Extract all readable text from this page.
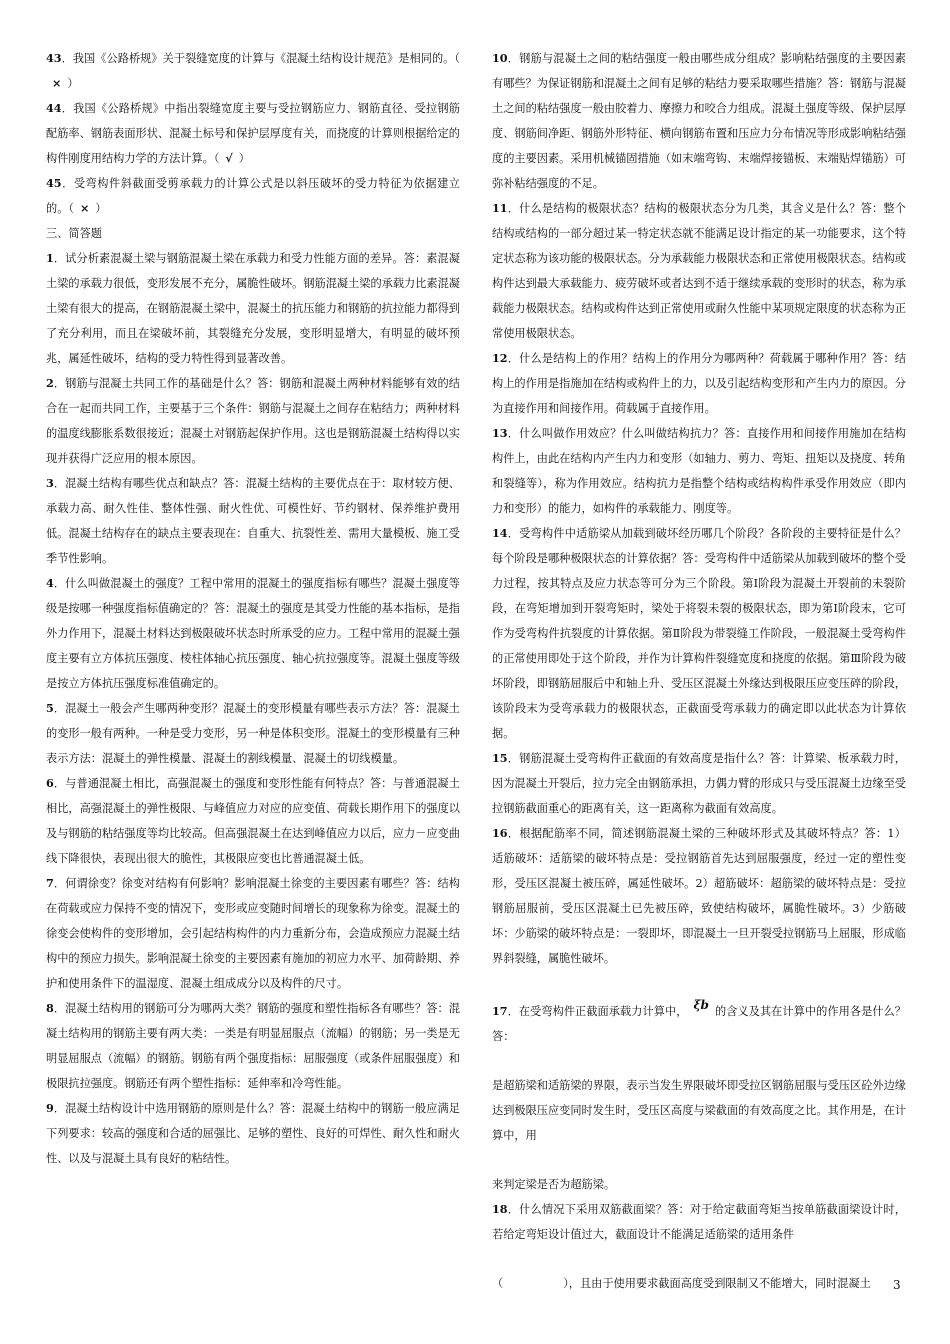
43．我国《公路桥规》关于裂缝宽度的计算与《混凝土结构设计规范》是相同的。（× ）

44．我国《公路桥规》中指出裂缝宽度主要与受拉钢筋应力、钢筋直径、受拉钢筋配筋率、钢筋表面形状、混凝土标号和保护层厚度有关，而挠度的计算则根据给定的构件刚度用结构力学的方法计算。（ √ ）

45．受弯构件斜截面受剪承载力的计算公式是以斜压破坏的受力特征为依据建立的。（ × ）

三、简答题

1．试分析素混凝土梁与钢筋混凝土梁在承载力和受力性能方面的差异。答：素混凝土梁的承载力很低，变形发展不充分，属脆性破坏。钢筋混凝土梁的承载力比素混凝土梁有很大的提高，在钢筋混凝土梁中，混凝土的抗压能力和钢筋的抗拉能力都得到了充分利用，而且在梁破坏前，其裂缝充分发展，变形明显增大，有明显的破坏预兆，属延性破坏，结构的受力特性得到显著改善。

2．钢筋与混凝土共同工作的基础是什么？答：钢筋和混凝土两种材料能够有效的结合在一起而共同工作，主要基于三个条件：钢筋与混凝土之间存在粘结力；两种材料的温度线膨胀系数很接近；混凝土对钢筋起保护作用。这也是钢筋混凝土结构得以实现并获得广泛应用的根本原因。

3．混凝土结构有哪些优点和缺点？答：混凝土结构的主要优点在于：取材较方便、承载力高、耐久性佳、整体性强、耐火性优、可模性好、节约钢材、保养维护费用低。混凝土结构存在的缺点主要表现在：自重大、抗裂性差、需用大量模板、施工受季节性影响。

4．什么叫做混凝土的强度？工程中常用的混凝土的强度指标有哪些？混凝土强度等级是按哪一种强度指标值确定的？答：混凝土的强度是其受力性能的基本指标，是指外力作用下，混凝土材料达到极限破坏状态时所承受的应力。工程中常用的混凝土强度主要有立方体抗压强度、棱柱体轴心抗压强度、轴心抗拉强度等。混凝土强度等级是按立方体抗压强度标准值确定的。

5．混凝土一般会产生哪两种变形？混凝土的变形模量有哪些表示方法？答：混凝土的变形一般有两种。一种是受力变形，另一种是体积变形。混凝土的变形模量有三种表示方法：混凝土的弹性模量、混凝土的割线模量、混凝土的切线模量。

6．与普通混凝土相比，高强混凝土的强度和变形性能有何特点？答：与普通混凝土相比，高强混凝土的弹性极限、与峰值应力对应的应变值、荷载长期作用下的强度以及与钢筋的粘结强度等均比较高。但高强混凝土在达到峰值应力以后，应力－应变曲线下降很快，表现出很大的脆性，其极限应变也比普通混凝土低。

7．何谓徐变？徐变对结构有何影响？影响混凝土徐变的主要因素有哪些？答：结构在荷载或应力保持不变的情况下，变形或应变随时间增长的现象称为徐变。混凝土的徐变会使构件的变形增加，会引起结构构件的内力重新分布，会造成预应力混凝土结构中的预应力损失。影响混凝土徐变的主要因素有施加的初应力水平、加荷龄期、养护和使用条件下的温湿度、混凝土组成成分以及构件的尺寸。

8．混凝土结构用的钢筋可分为哪两大类？钢筋的强度和塑性指标各有哪些？答：混凝土结构用的钢筋主要有两大类：一类是有明显屈服点（流幅）的钢筋；另一类是无明显屈服点（流幅）的钢筋。钢筋有两个强度指标：屈服强度（或条件屈服强度）和极限抗拉强度。钢筋还有两个塑性指标：延伸率和冷弯性能。

9．混凝土结构设计中选用钢筋的原则是什么？答：混凝土结构中的钢筋一般应满足下列要求：较高的强度和合适的屈强比、足够的塑性、良好的可焊性、耐久性和耐火性、以及与混凝土具有良好的粘结性。

10．钢筋与混凝土之间的粘结强度一般由哪些成分组成？影响粘结强度的主要因素有哪些？为保证钢筋和混凝土之间有足够的粘结力要采取哪些措施？答：钢筋与混凝土之间的粘结强度一般由胶着力、摩擦力和咬合力组成。混凝土强度等级、保护层厚度、钢筋间净距、钢筋外形特征、横向钢筋布置和压应力分布情况等形成影响粘结强度的主要因素。采用机械锚固措施（如末端弯钩、末端焊接锚板、末端贴焊锚筋）可弥补粘结强度的不足。

11．什么是结构的极限状态？结构的极限状态分为几类，其含义是什么？答：整个结构或结构的一部分超过某一特定状态就不能满足设计指定的某一功能要求，这个特定状态称为该功能的极限状态。分为承载能力极限状态和正常使用极限状态。结构或构件达到最大承载能力、疲劳破坏或者达到不适于继续承载的变形时的状态，称为承载能力极限状态。结构或构件达到正常使用或耐久性能中某项规定限度的状态称为正常使用极限状态。

12．什么是结构上的作用？结构上的作用分为哪两种？荷载属于哪种作用？答：结构上的作用是指施加在结构或构件上的力，以及引起结构变形和产生内力的原因。分为直接作用和间接作用。荷载属于直接作用。

13．什么叫做作用效应？什么叫做结构抗力？答：直接作用和间接作用施加在结构构件上，由此在结构内产生内力和变形（如轴力、剪力、弯矩、扭矩以及挠度、转角和裂缝等），称为作用效应。结构抗力是指整个结构或结构构件承受作用效应（即内力和变形）的能力，如构件的承载能力、刚度等。

14．受弯构件中适筋梁从加载到破坏经历哪几个阶段？各阶段的主要特征是什么？每个阶段是哪种极限状态的计算依据？答：受弯构件中适筋梁从加载到破坏的整个受力过程，按其特点及应力状态等可分为三个阶段。第Ⅰ阶段为混凝土开裂前的未裂阶段，在弯矩增加到开裂弯矩时，梁处于将裂未裂的极限状态，即为第Ⅰ阶段末，它可作为受弯构件抗裂度的计算依据。第Ⅱ阶段为带裂缝工作阶段，一般混凝土受弯构件的正常使用即处于这个阶段，并作为计算构件裂缝宽度和挠度的依据。第Ⅲ阶段为破坏阶段，即钢筋屈服后中和轴上升、受压区混凝土外缘达到极限压应变压碎的阶段，该阶段末为受弯承载力的极限状态，正截面受弯承载力的确定即以此状态为计算依据。

15．钢筋混凝土受弯构件正截面的有效高度是指什么？答：计算梁、板承载力时，因为混凝土开裂后，拉力完全由钢筋承担，力偶力臂的形成只与受压混凝土边缘至受拉钢筋截面重心的距离有关，这一距离称为截面有效高度。

16．根据配筋率不同，简述钢筋混凝土梁的三种破坏形式及其破坏特点？答：1）适筋破坏：适筋梁的破坏特点是：受拉钢筋首先达到屈服强度，经过一定的塑性变形，受压区混凝土被压碎，属延性破坏。2）超筋破坏：超筋梁的破坏特点是：受拉钢筋屈服前，受压区混凝土已先被压碎，致使结构破坏，属脆性破坏。3）少筋破坏：少筋梁的破坏特点是：一裂即坏，即混凝土一旦开裂受拉钢筋马上屈服，形成临界斜裂缝，属脆性破坏。

17．在受弯构件正截面承载力计算中， ξb 的含义及其在计算中的作用各是什么？答：
是超筋梁和适筋梁的界限，表示当发生界限破坏即受拉区钢筋屈服与受压区砼外边缘达到极限压应变同时发生时，受压区高度与梁截面的有效高度之比。其作用是，在计算中，用
来判定梁是否为超筋梁。

18．什么情况下采用双筋截面梁？答：对于给定截面弯矩当按单筋截面梁设计时，若给定弯矩设计值过大，截面设计不能满足适筋梁的适用条件
（	），且由于使用要求截面高度受到限制又不能增大，同时混凝土	3
